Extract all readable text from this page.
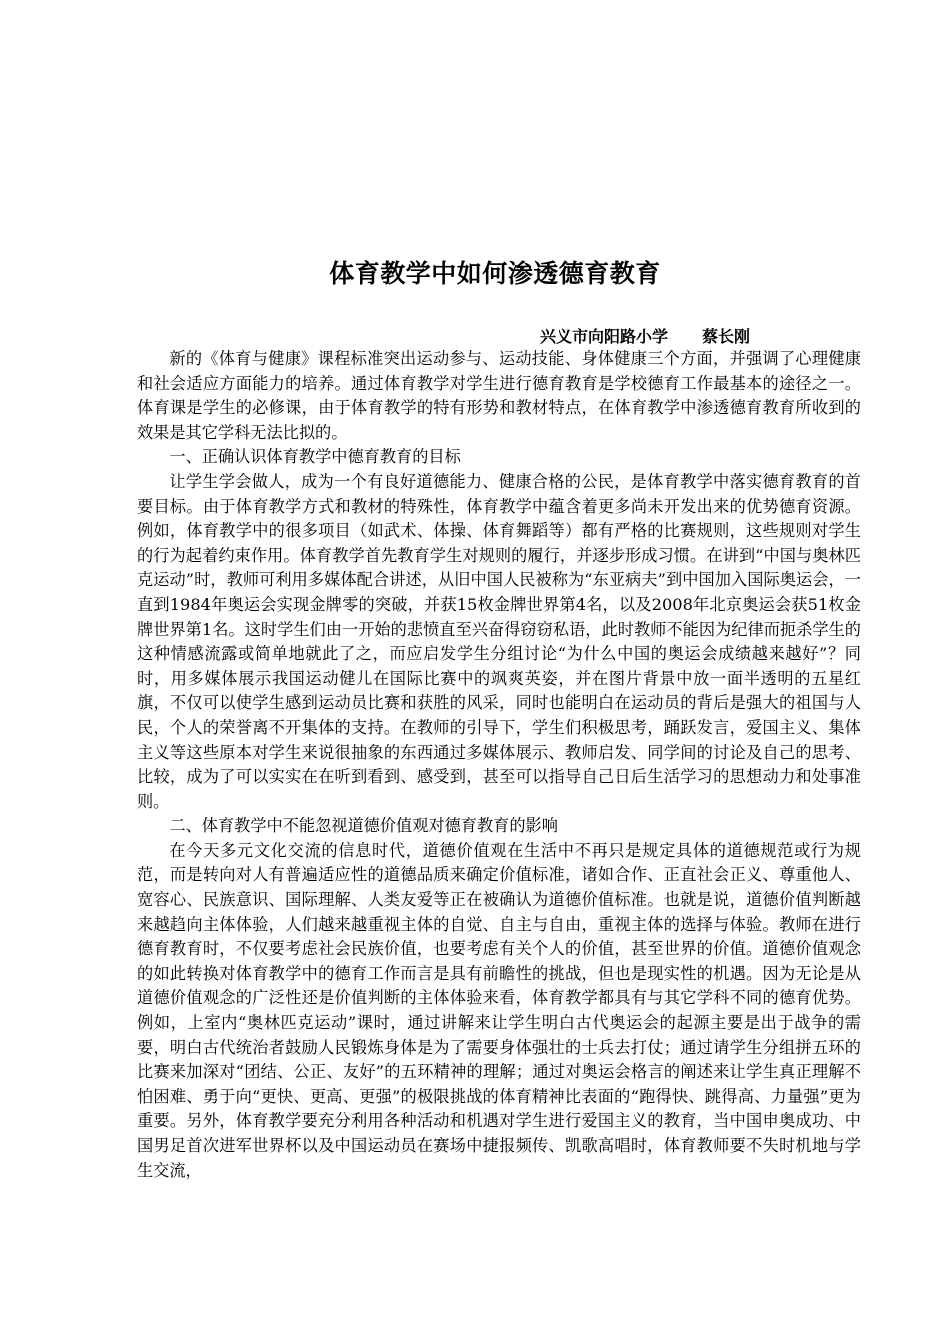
体育教学中如何渗透德育教育
兴义市向阳路小学 蔡长刚

新的《体育与健康》课程标准突出运动参与、运动技能、身体健康三个方面，并强调了心理健康和社会适应方面能力的培养。通过体育教学对学生进行德育教育是学校德育工作最基本的途径之一。体育课是学生的必修课，由于体育教学的特有形势和教材特点，在体育教学中渗透德育教育所收到的效果是其它学科无法比拟的。

一、正确认识体育教学中德育教育的目标

让学生学会做人，成为一个有良好道德能力、健康合格的公民，是体育教学中落实德育教育的首要目标。由于体育教学方式和教材的特殊性，体育教学中蕴含着更多尚未开发出来的优势德育资源。例如，体育教学中的很多项目（如武术、体操、体育舞蹈等）都有严格的比赛规则，这些规则对学生的行为起着约束作用。体育教学首先教育学生对规则的履行，并逐步形成习惯。在讲到“中国与奥林匹克运动”时，教师可利用多媒体配合讲述，从旧中国人民被称为“东亚病夫”到中国加入国际奥运会，一直到1984年奥运会实现金牌零的突破，并获15枚金牌世界第4名，以及2008年北京奥运会获51枚金牌世界第1名。这时学生们由一开始的悲愤直至兴奋得窃窃私语，此时教师不能因为纪律而扼杀学生的这种情感流露或简单地就此了之，而应启发学生分组讨论“为什么中国的奥运会成绩越来越好”？同时，用多媒体展示我国运动健儿在国际比赛中的飒爽英姿，并在图片背景中放一面半透明的五星红旗，不仅可以使学生感到运动员比赛和获胜的风采，同时也能明白在运动员的背后是强大的祖国与人民，个人的荣誉离不开集体的支持。在教师的引导下，学生们积极思考，踊跃发言，爱国主义、集体主义等这些原本对学生来说很抽象的东西通过多媒体展示、教师启发、同学间的讨论及自己的思考、比较，成为了可以实实在在听到看到、感受到，甚至可以指导自己日后生活学习的思想动力和处事准则。

二、体育教学中不能忽视道德价值观对德育教育的影响

在今天多元文化交流的信息时代，道德价值观在生活中不再只是规定具体的道德规范或行为规范，而是转向对人有普遍适应性的道德品质来确定价值标准，诸如合作、正直社会正义、尊重他人、宽容心、民族意识、国际理解、人类友爱等正在被确认为道德价值标准。也就是说，道德价值判断越来越趋向主体体验，人们越来越重视主体的自觉、自主与自由，重视主体的选择与体验。教师在进行德育教育时，不仅要考虑社会民族价值，也要考虑有关个人的价值，甚至世界的价值。道德价值观念的如此转换对体育教学中的德育工作而言是具有前瞻性的挑战，但也是现实性的机遇。因为无论是从道德价值观念的广泛性还是价值判断的主体体验来看，体育教学都具有与其它学科不同的德育优势。例如，上室内“奥林匹克运动”课时，通过讲解来让学生明白古代奥运会的起源主要是出于战争的需要，明白古代统治者鼓励人民锻炼身体是为了需要身体强壮的士兵去打仗；通过请学生分组拼五环的比赛来加深对“团结、公正、友好”的五环精神的理解；通过对奥运会格言的阐述来让学生真正理解不怕困难、勇于向“更快、更高、更强”的极限挑战的体育精神比表面的“跑得快、跳得高、力量强”更为重要。另外，体育教学要充分利用各种活动和机遇对学生进行爱国主义的教育，当中国申奥成功、中国男足首次进军世界杯以及中国运动员在赛场中捷报频传、凯歌高唱时，体育教师要不失时机地与学生交流，
